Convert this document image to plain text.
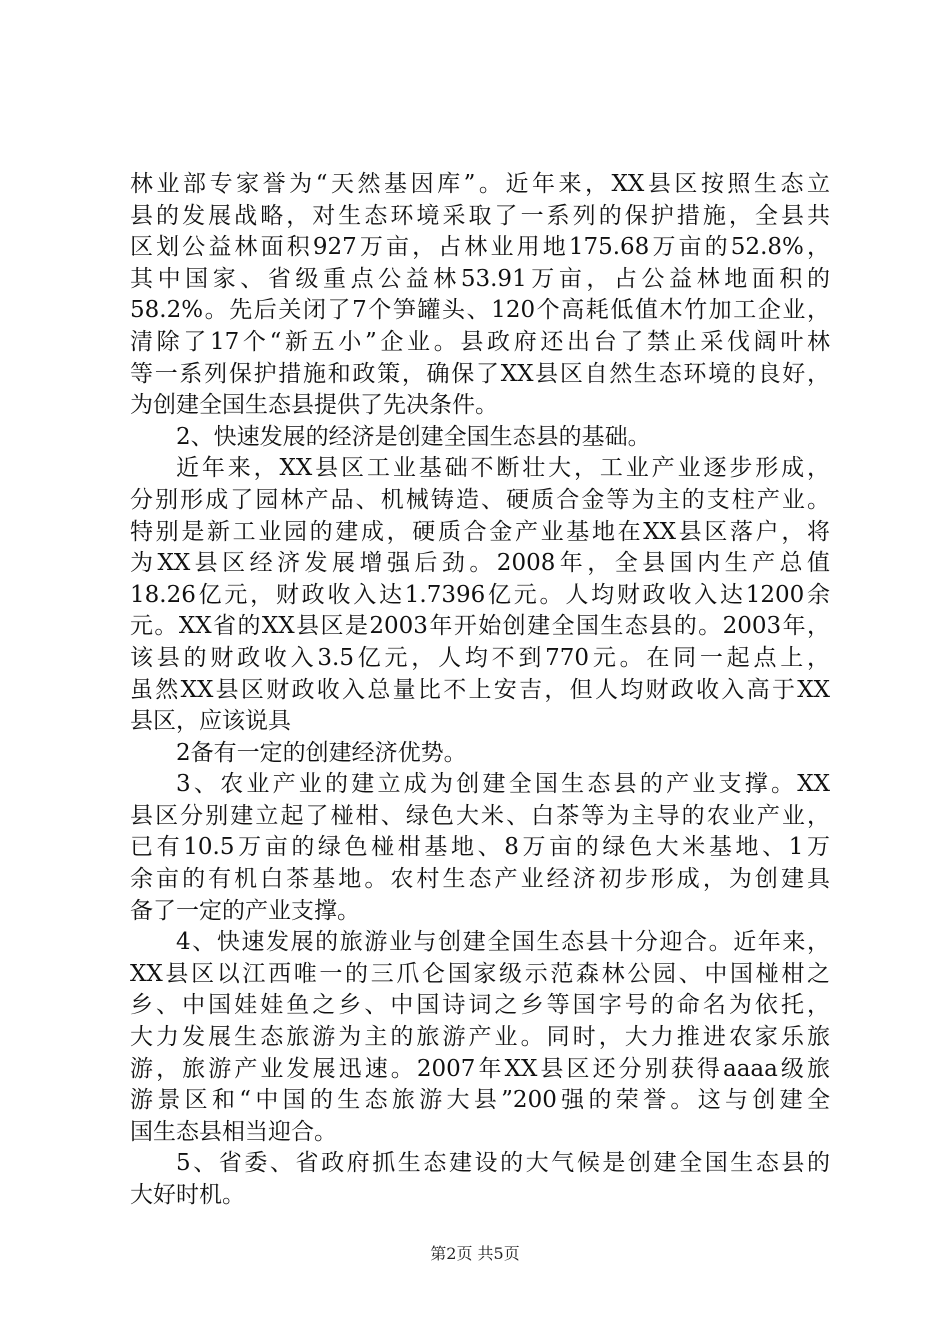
林业部专家誉为“天然基因库”。近年来，XX县区按照生态立
县的发展战略，对生态环境采取了一系列的保护措施，全县共
区划公益林面积927万亩，占林业用地175.68万亩的52.8%，
其中国家、省级重点公益林53.91万亩，占公益林地面积的
58.2%。先后关闭了7个笋罐头、120个高耗低值木竹加工企业，
清除了17个“新五小”企业。县政府还出台了禁止采伐阔叶林
等一系列保护措施和政策，确保了XX县区自然生态环境的良好，
为创建全国生态县提供了先决条件。
2、快速发展的经济是创建全国生态县的基础。
近年来，XX县区工业基础不断壮大，工业产业逐步形成，
分别形成了园林产品、机械铸造、硬质合金等为主的支柱产业。
特别是新工业园的建成，硬质合金产业基地在XX县区落户，将
为XX县区经济发展增强后劲。2008年，全县国内生产总值
18.26亿元，财政收入达1.7396亿元。人均财政收入达1200余
元。XX省的XX县区是2003年开始创建全国生态县的。2003年，
该县的财政收入3.5亿元，人均不到770元。在同一起点上，
虽然XX县区财政收入总量比不上安吉，但人均财政收入高于XX
县区，应该说具
2备有一定的创建经济优势。
3、农业产业的建立成为创建全国生态县的产业支撑。XX
县区分别建立起了椪柑、绿色大米、白茶等为主导的农业产业，
已有10.5万亩的绿色椪柑基地、8万亩的绿色大米基地、1万
余亩的有机白茶基地。农村生态产业经济初步形成，为创建具
备了一定的产业支撑。
4、快速发展的旅游业与创建全国生态县十分迎合。近年来，
XX县区以江西唯一的三爪仑国家级示范森林公园、中国椪柑之
乡、中国娃娃鱼之乡、中国诗词之乡等国字号的命名为依托，
大力发展生态旅游为主的旅游产业。同时，大力推进农家乐旅
游，旅游产业发展迅速。2007年XX县区还分别获得aaaa级旅
游景区和“中国的生态旅游大县”200强的荣誉。这与创建全
国生态县相当迎合。
5、省委、省政府抓生态建设的大气候是创建全国生态县的
大好时机。
第2页 共5页
